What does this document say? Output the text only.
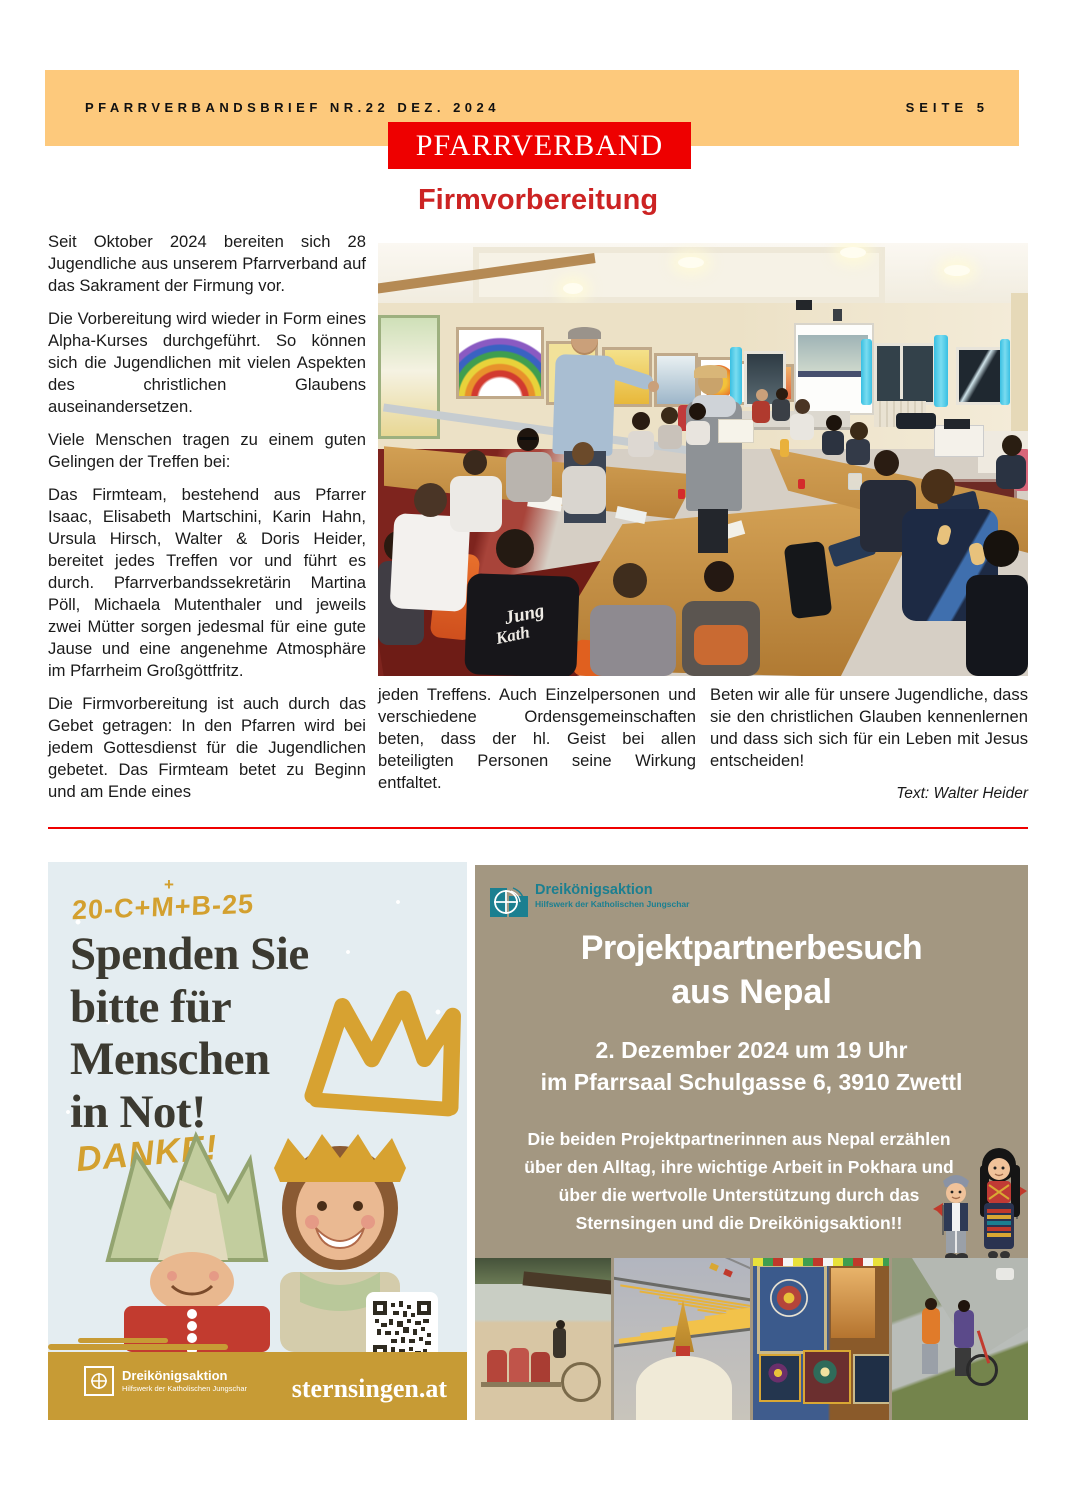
PFARRVERBANDSBRIEF NR.22 DEZ. 2024	SEITE 5
PFARRVERBAND
Firmvorbereitung

Seit Oktober 2024 bereiten sich 28 Jugendliche aus unserem Pfarrverband auf das Sakrament der Firmung vor.

Die Vorbereitung wird wieder in Form eines Alpha-Kurses durchgeführt. So können sich die Jugendlichen mit vielen Aspekten des christlichen Glaubens auseinandersetzen.

Viele Menschen tragen zu einem guten Gelingen der Treffen bei:

Das Firmteam, bestehend aus Pfarrer Isaac, Elisabeth Martschini, Karin Hahn, Ursula Hirsch, Walter & Doris Heider, bereitet jedes Treffen vor und führt es durch. Pfarrverbandssekretärin Martina Pöll, Michaela Mutenthaler und jeweils zwei Mütter sorgen jedesmal für eine gute Jause und eine angenehme Atmosphäre im Pfarrheim Großgöttfritz.

Die Firmvorbereitung ist auch durch das Gebet getragen: In den Pfarren wird bei jedem Gottesdienst für die Jugendlichen gebetet. Das Firmteam betet zu Beginn und am Ende eines

Jung
Kath

jeden Treffens. Auch Einzelpersonen und verschiedene Ordensgemeinschaften beten, dass der hl. Geist bei allen beteiligten Personen seine Wirkung entfaltet.

Beten wir alle für unsere Jugendliche, dass sie den christlichen Glauben kennenlernen und dass sich sich für ein Leben mit Jesus entscheiden!

Text: Walter Heider
20-C+M+B-25
+
Spenden Sie
bitte für
Menschen
in Not!
DANKE!
Dreikönigsaktion
Hilfswerk der Katholischen Jungschar sternsingen.at
Dreikönigsaktion
Hilfswerk der Katholischen Jungschar
Projektpartnerbesuch
aus Nepal
2. Dezember 2024 um 19 Uhr
im Pfarrsaal Schulgasse 6, 3910 Zwettl
Die beiden Projektpartnerinnen aus Nepal erzählen über den Alltag, ihre wichtige Arbeit in Pokhara und über die wertvolle Unterstützung durch das Sternsingen und die Dreikönigsaktion!!
